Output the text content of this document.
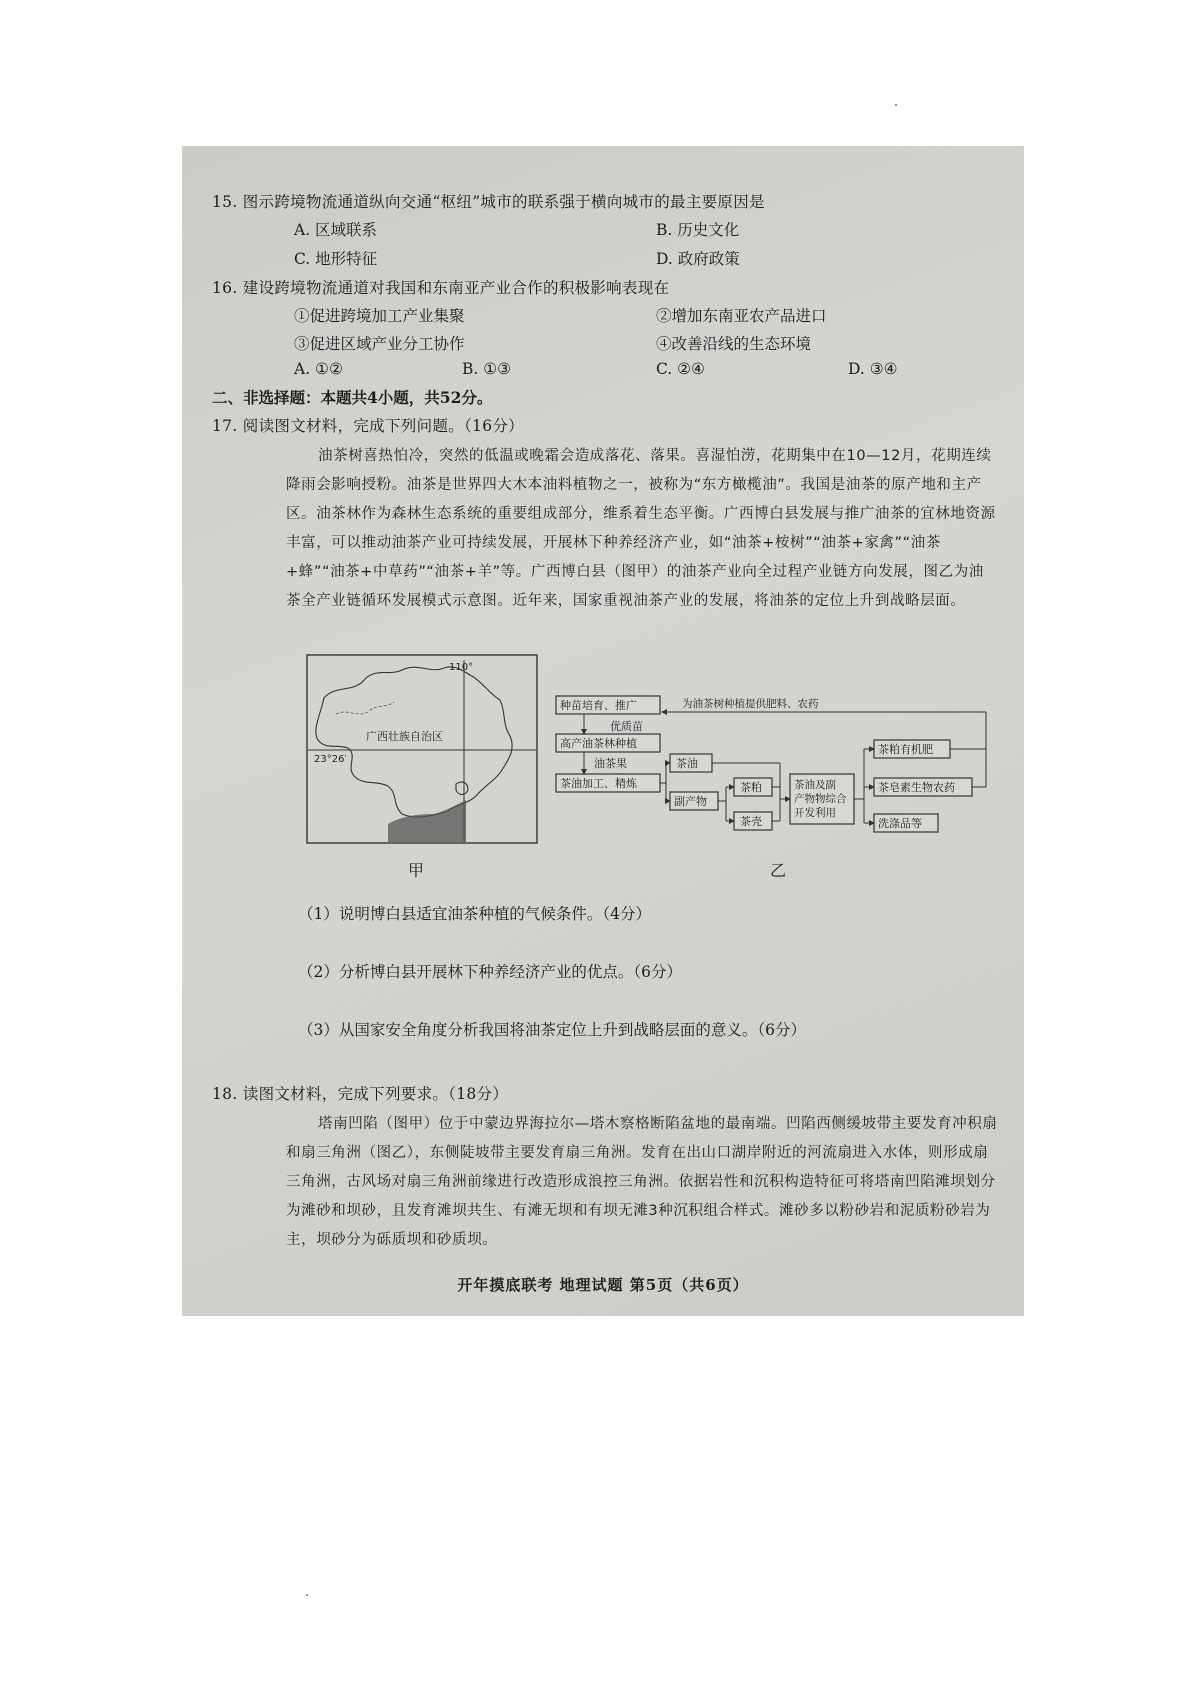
15. 图示跨境物流通道纵向交通“枢纽”城市的联系强于横向城市的最主要原因是
A. 区域联系	B. 历史文化
C. 地形特征	D. 政府政策
16. 建设跨境物流通道对我国和东南亚产业合作的积极影响表现在
①促进跨境加工产业集聚	②增加东南亚农产品进口
③促进区域产业分工协作	④改善沿线的生态环境
A. ①②	B. ①③	C. ②④	D. ③④
二、非选择题：本题共4小题，共52分。
17. 阅读图文材料，完成下列问题。（16分）
油茶树喜热怕冷，突然的低温或晚霜会造成落花、落果。喜湿怕涝，花期集中在10—12月，花期连续降雨会影响授粉。油茶是世界四大木本油料植物之一，被称为“东方橄榄油”。我国是油茶的原产地和主产区。油茶林作为森林生态系统的重要组成部分，维系着生态平衡。广西博白县发展与推广油茶的宜林地资源丰富，可以推动油茶产业可持续发展，开展林下种养经济产业，如“油茶+桉树”“油茶+家禽”“油茶+蜂”“油茶+中草药”“油茶+羊”等。广西博白县（图甲）的油茶产业向全过程产业链方向发展，图乙为油茶全产业链循环发展模式示意图。近年来，国家重视油茶产业的发展，将油茶的定位上升到战略层面。
110°
23°26′
广西壮族自治区
甲
种苗培育、推广
优质苗
高产油茶林种植
油茶果
茶油加工、精炼
茶油
副产物
茶粕
茶壳
茶油及副
产物物综合
开发利用
茶粕有机肥
茶皂素生物农药
洗涤品等
为油茶树种植提供肥料、农药
乙
（1）说明博白县适宜油茶种植的气候条件。（4分）
（2）分析博白县开展林下种养经济产业的优点。（6分）
（3）从国家安全角度分析我国将油茶定位上升到战略层面的意义。（6分）
18. 读图文材料，完成下列要求。（18分）
塔南凹陷（图甲）位于中蒙边界海拉尔—塔木察格断陷盆地的最南端。凹陷西侧缓坡带主要发育冲积扇和扇三角洲（图乙），东侧陡坡带主要发育扇三角洲。发育在出山口湖岸附近的河流扇进入水体，则形成扇三角洲，古风场对扇三角洲前缘进行改造形成浪控三角洲。依据岩性和沉积构造特征可将塔南凹陷滩坝划分为滩砂和坝砂，且发育滩坝共生、有滩无坝和有坝无滩3种沉积组合样式。滩砂多以粉砂岩和泥质粉砂岩为主，坝砂分为砾质坝和砂质坝。
开年摸底联考 地理试题 第5页（共6页）
